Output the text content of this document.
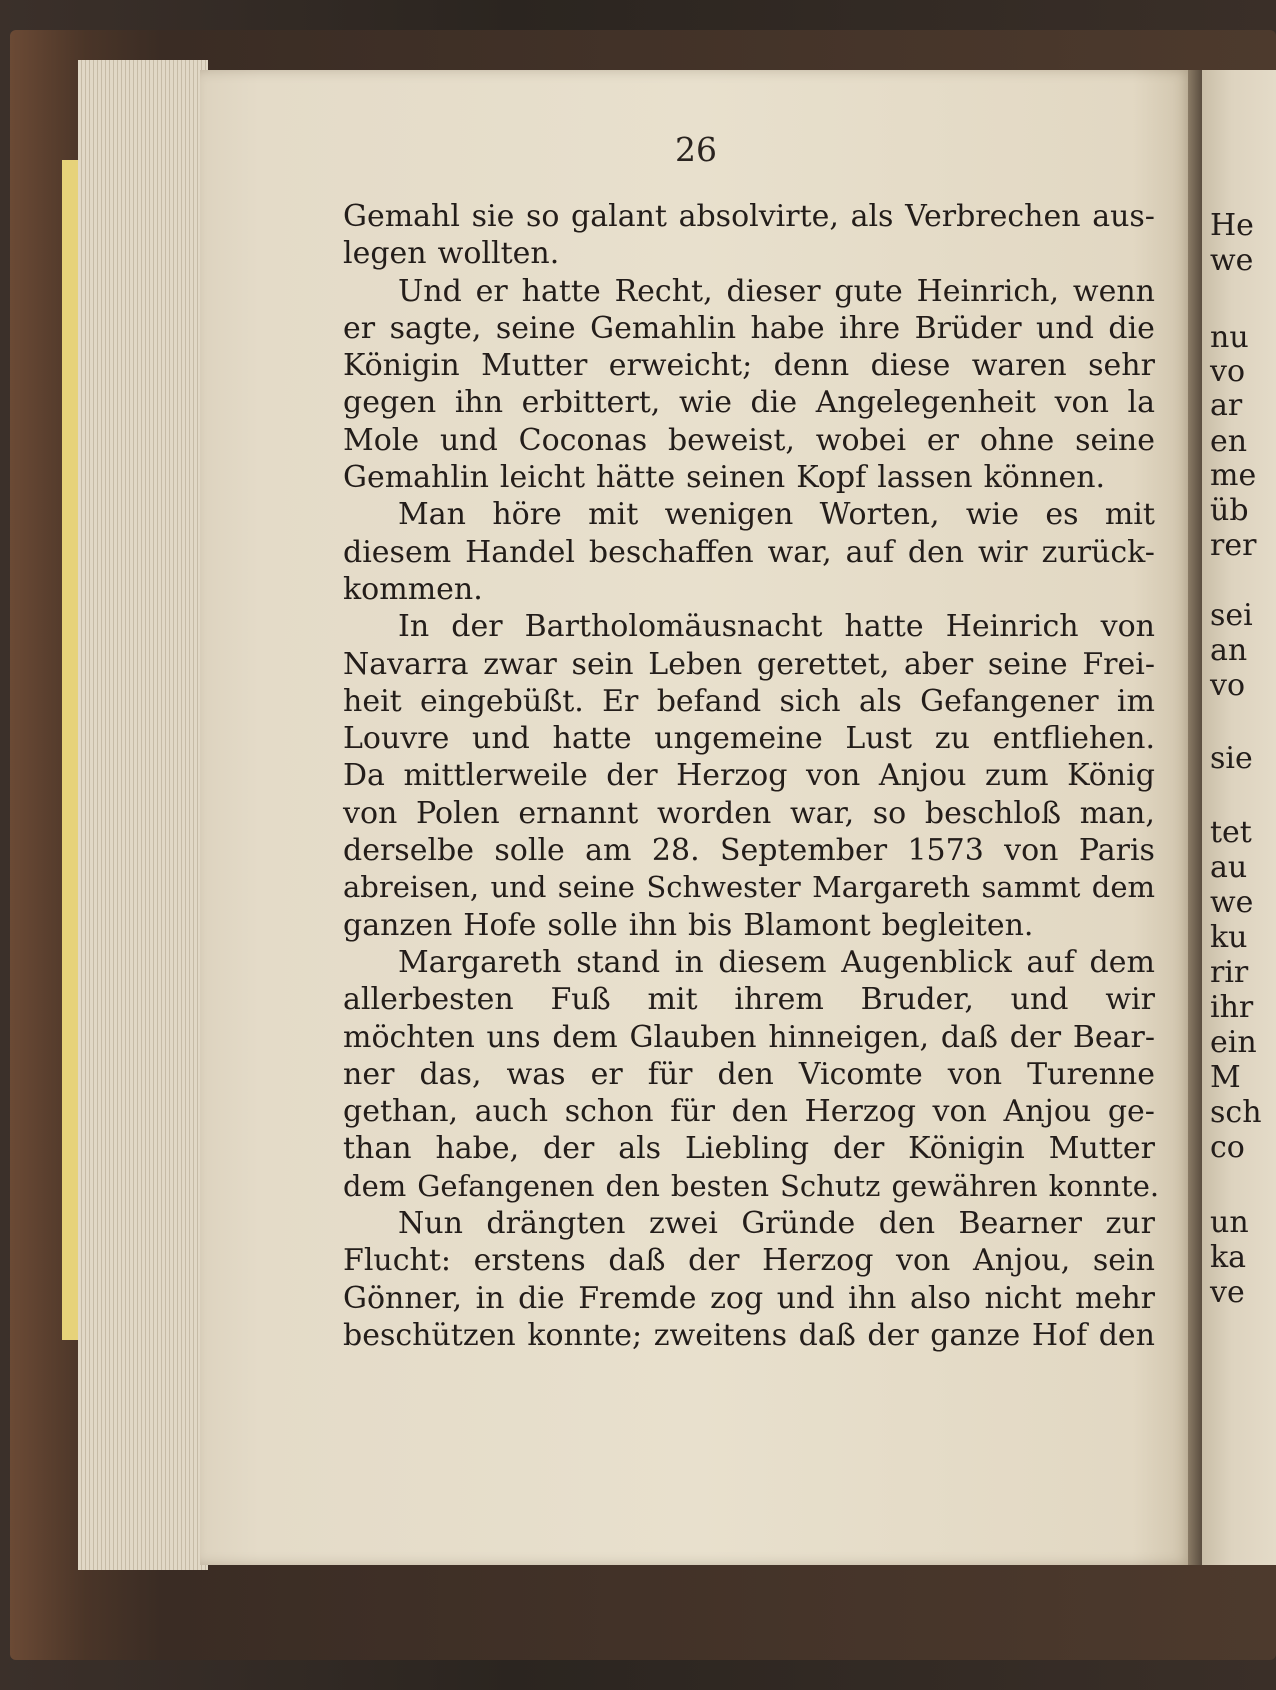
26
Gemahl sie so galant absolvirte, als Verbrechen aus-
legen wollten.
Und er hatte Recht, dieser gute Heinrich, wenn
er sagte, seine Gemahlin habe ihre Brüder und die
Königin Mutter erweicht; denn diese waren sehr
gegen ihn erbittert, wie die Angelegenheit von la
Mole und Coconas beweist, wobei er ohne seine
Gemahlin leicht hätte seinen Kopf lassen können.
Man höre mit wenigen Worten, wie es mit
diesem Handel beschaffen war, auf den wir zurück-
kommen.
In der Bartholomäusnacht hatte Heinrich von
Navarra zwar sein Leben gerettet, aber seine Frei-
heit eingebüßt. Er befand sich als Gefangener im
Louvre und hatte ungemeine Lust zu entfliehen.
Da mittlerweile der Herzog von Anjou zum König
von Polen ernannt worden war, so beschloß man,
derselbe solle am 28. September 1573 von Paris
abreisen, und seine Schwester Margareth sammt dem
ganzen Hofe solle ihn bis Blamont begleiten.
Margareth stand in diesem Augenblick auf dem
allerbesten Fuß mit ihrem Bruder, und wir
möchten uns dem Glauben hinneigen, daß der Bear-
ner das, was er für den Vicomte von Turenne
gethan, auch schon für den Herzog von Anjou ge-
than habe, der als Liebling der Königin Mutter
dem Gefangenen den besten Schutz gewähren konnte.
Nun drängten zwei Gründe den Bearner zur
Flucht: erstens daß der Herzog von Anjou, sein
Gönner, in die Fremde zog und ihn also nicht mehr
beschützen konnte; zweitens daß der ganze Hof den
He
we
nu
vo
ar
en
me
üb
rer
sei
an
vo
sie
tet
au
we
ku
rir
ihr
ein
M
sch
co
un
ka
ve
